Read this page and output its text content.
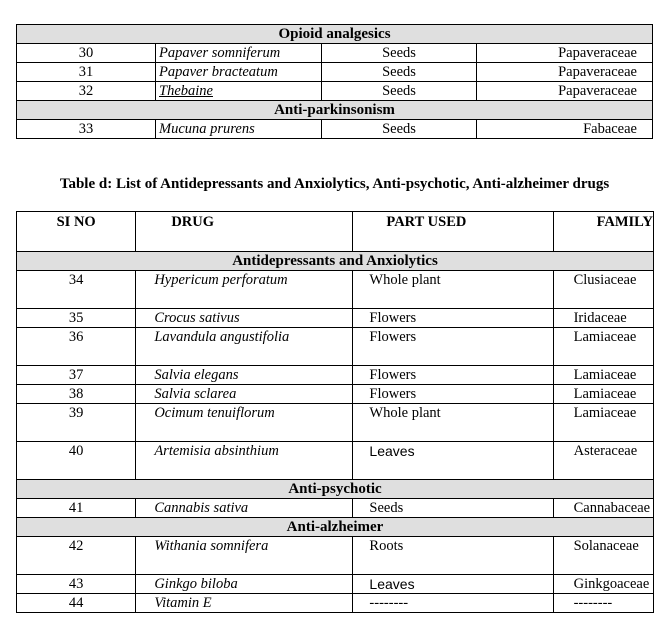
Opioid analgesics			
30	Papaver somniferum	Seeds	Papaveraceae
31	Papaver bracteatum	Seeds	Papaveraceae
32	Thebaine	Seeds	Papaveraceae
Anti-parkinsonism			
33	Mucuna prurens	Seeds	Fabaceae
Table d: List of Antidepressants and Anxiolytics, Anti-psychotic, Anti-alzheimer drugs
SI NO	DRUG	PART USED	FAMILY
Antidepressants and Anxiolytics			
34	Hypericum perforatum	Whole plant	Clusiaceae
35	Crocus sativus	Flowers	Iridaceae
36	Lavandula angustifolia	Flowers	Lamiaceae
37	Salvia elegans	Flowers	Lamiaceae
38	Salvia sclarea	Flowers	Lamiaceae
39	Ocimum tenuiflorum	Whole plant	Lamiaceae
40	Artemisia absinthium	Leaves	Asteraceae
Anti-psychotic			
41	Cannabis sativa	Seeds	Cannabaceae
Anti-alzheimer			
42	Withania somnifera	Roots	Solanaceae
43	Ginkgo biloba	Leaves	Ginkgoaceae
44	Vitamin E	--------	--------
